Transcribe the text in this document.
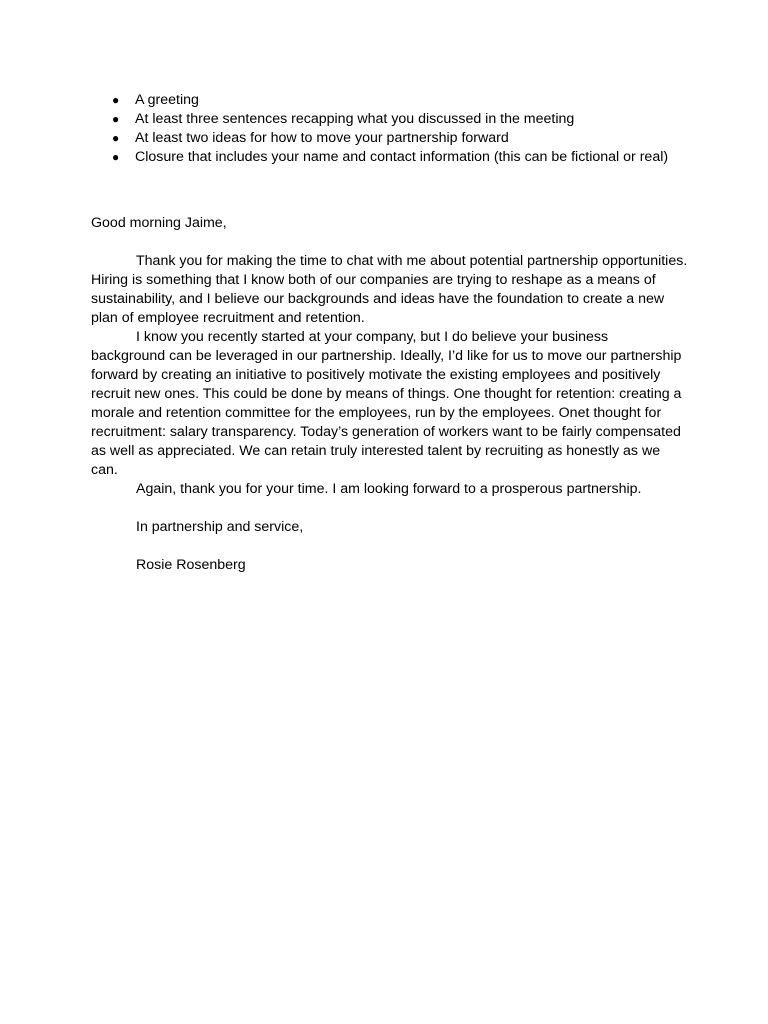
● A greeting
● At least three sentences recapping what you discussed in the meeting
● At least two ideas for how to move your partnership forward
● Closure that includes your name and contact information (this can be fictional or real)
Good morning Jaime,

Thank you for making the time to chat with me about potential partnership opportunities. Hiring is something that I know both of our companies are trying to reshape as a means of sustainability, and I believe our backgrounds and ideas have the foundation to create a new plan of employee recruitment and retention.

I know you recently started at your company, but I do believe your business background can be leveraged in our partnership. Ideally, I’d like for us to move our partnership forward by creating an initiative to positively motivate the existing employees and positively recruit new ones. This could be done by means of things. One thought for retention: creating a morale and retention committee for the employees, run by the employees. Onet thought for recruitment: salary transparency. Today’s generation of workers want to be fairly compensated as well as appreciated. We can retain truly interested talent by recruiting as honestly as we can.

Again, thank you for your time. I am looking forward to a prosperous partnership.

In partnership and service,

Rosie Rosenberg
